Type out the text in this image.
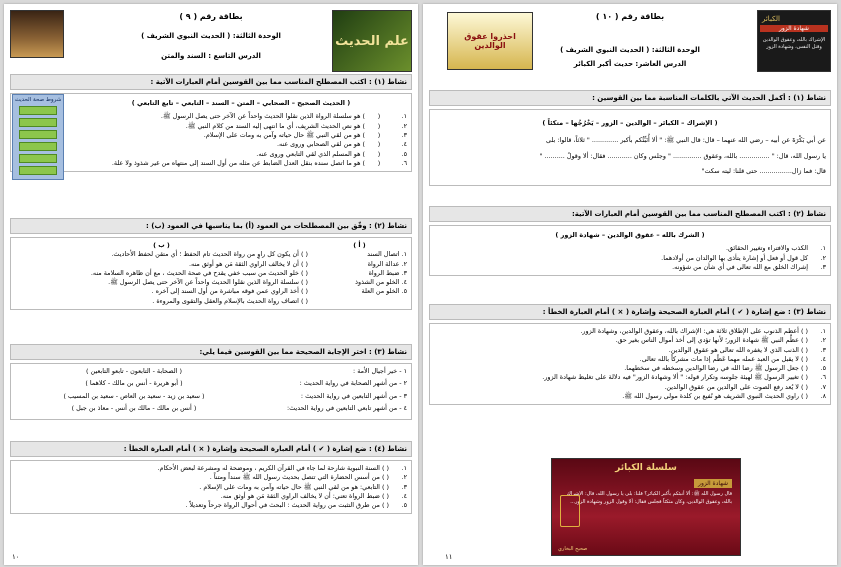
علم الحديث
بطاقة رقم ( ٩ )
الوحدة الثالثة: ( الحديث النبوي الشريف )
الدرس التاسع : السند والمتن
نشاط (١) : اكتب المصطلح المناسب مما بين القوسين أمام العبارات الآتية :
( الحديث الصحيح – الصحابي – المتن – السند – التابعي – تابع التابعي )
١.
(
) هو سلسلة الرواة الذين نقلوا الحديث واحداً عن الآخر حتى يصل الرسول ﷺ.
٢.
(
) هو نص الحديث الشريف، أي ما انتهى إليه السند من كلام النبي ﷺ.
٣.
(
) هو من لقي النبي ﷺ حال حياته وآمن به ومات على الإسلام.
٤.
(
) هو من لقي الصحابي وروى عنه.
٥.
(
) هو المسلم الذي لقي التابعي وروى عنه.
٦.
(
) هو ما اتصل سنده بنقل العدل الضابط عن مثله من أول السند إلى منتهاه من غير شذوذ ولا علة.
شروط صحة الحديث
نشاط (٢) : وفّق بين المصطلحات من العمود (أ) بما يناسبها في العمود (ب) :
( أ )
( ب )
١. اتصال السند
٢. عدالة الرواة
٣. ضبط الرواة
٤. الخلو من الشذوذ
٥. الخلو من العلة
( ) أن يكون كل راوٍ من رواة الحديث تام الحفظ ؛ أي متقن لحفظ الأحاديث.
( ) أن لا يخالف الراوي الثقة مَن هو أوثق منه.
( ) خلو الحديث من سبب خفي يقدح في صحة الحديث ، مع أن ظاهره السلامة منه.
( ) سلسلة الرواة الذين نقلوا الحديث واحداً عن الآخر حتى يصل الرسول ﷺ.
( ) أخذ الراوي عمن فوقه مباشرة من أول السند إلى آخره .
( ) اتصاف رواة الحديث بالإسلام والعقل والتقوى والمروءة .
نشاط (٣) : اختر الإجابة الصحيحة مما بين القوسين فيما يلي:
١ - خير أجيال الأمة :
( الصحابة - التابعون - تابعو التابعين )
٢ - من أشهر الصحابة في رواية الحديث :
( أبو هريرة - أنس بن مالك - كلاهما )
٣ - من أشهر التابعين في رواية الحديث :
( سعيد بن زيد - سعيد بن العاص - سعيد بن المسيب )
٤ - من أشهر تابعي التابعين في رواية الحديث:
( أنس بن مالك - مالك بن أنس - معاذ بن جبل )
نشاط (٤) : ضع إشارة ( ✔ ) أمام العبارة الصحيحة وإشارة ( × ) أمام العبارة الخطأ :
١.
( ) السنة النبوية شارحة لما جاء في القرآن الكريم ، وموضحة له ومشرعة لبعض الأحكام.
٢.
( ) من أسس الحضارة التي تتصل بحديث رسول الله ﷺ سنداً ومتناً .
٣.
( ) التابعي: هو من لقي النبي ﷺ حال حياته وآمن به ومات على الإسلام .
٤.
( ) ضبط الرواة تعني: أن لا يخالف الراوي الثقة مَن هو أوثق منه.
٥.
( ) من طرق التثبت من رواية الحديث : البحث في أحوال الرواة جرحاً وتعديلاً .
١٠
الكبائر
شهادة الزور
الإشراك بالله، وعقوق الوالدين وقتل النفس، وشهادة الزور
احذروا عقوق الوالدين
بطاقة رقم ( ١٠ )
الوحدة الثالثة: ( الحديث النبوي الشريف )
الدرس العاشر: حديث أكبر الكبائر
نشاط (١) : أكمل الحديث الآتي بالكلمات المناسبة مما بين القوسين :
( الإشراك – الكبائر – الوالدين – الزور – يَخْرُجُها – متكئاً )
عن أبي بَكْرَةَ عن أبيه – رضي الله عنهما – قال: قال النبي ﷺ: " ألا أُنَبِّئُكم بأكبر ............. " ثلاثاً، قالوا: بلى
يا رسول الله، قال: " ............... بالله، وعقوق .............. " وجلس وكان ............ فقال: ألا وقولُ .......... "
قال: فما زال................ حتى قلنا: ليته سكت"
نشاط (٢) : اكتب المصطلح المناسب مما بين القوسين أمام العبارات الآتية:
( الشرك بالله – عقوق الوالدين – شهادة الزور )
١.
الكذب والافتراء وتغيير الحقائق.
٢.
كل قول أو فعل أو إشارة يتأذى بها الوالدان من أولادهما.
٣.
إشراك الخلق مع الله تعالى في أي شأن من شؤونه.
نشاط (٣) : ضع إشارة ( ✔ ) أمام العبارة الصحيحة وإشارة ( × ) أمام العبارة الخطأ :
١.
( ) أعظم الذنوب على الإطلاق ثلاثة هي: الإشراك بالله، وعقوق الوالدين، وشهادة الزور.
٢.
( ) عظَّم النبي ﷺ شهادة الزور؛ لأنها تؤدي إلى أخذ أموال الناس بغير حق.
٣.
( ) الذنب الذي لا يغفره الله تعالى هو عقوق الوالدين.
٤.
( ) لا يقبل من العبد عمله مهما عَظُم إذا مات مشركاً بالله تعالى.
٥.
( ) جعل الرسول ﷺ رضا الله في رضا الوالدين وسخطه في سخطهما.
٦.
( ) تغيير الرسول ﷺ لهيئة جلوسه وتكرار قوله: " ألا وشهادة الزور" فيه دلالة على تغليظ شهادة الزور.
٧.
( ) لا يُعد رفع الصوت على الوالدين من عقوق الوالدين.
٨.
( ) راوي الحديث النبوي الشريف هو نُفيع بن كلدة مولى رسول الله ﷺ.
سلسلة الكبائر
شهادة الزور
قال رسول الله ﷺ: ألا أنبئكم بأكبر الكبائر؟ قلنا: بلى يا رسول الله، قال: الإشراك بالله، وعقوق الوالدين، وكان متكئاً فجلس فقال: ألا وقول الزور وشهادة الزور...
صحيح البخاري
١١
